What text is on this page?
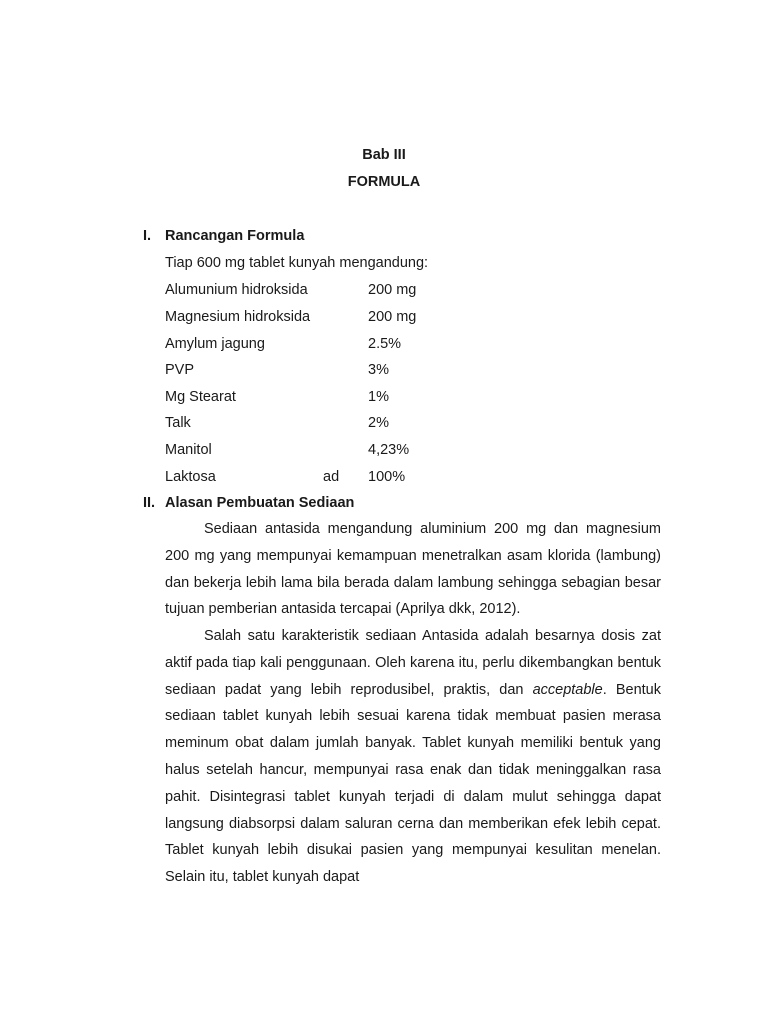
Bab III
FORMULA
I. Rancangan Formula
Tiap 600 mg tablet kunyah mengandung:
Alumunium hidroksida	200 mg
Magnesium hidroksida	200 mg
Amylum jagung	2.5%
PVP	3%
Mg Stearat	1%
Talk	2%
Manitol	4,23%
Laktosa	ad 100%
II. Alasan Pembuatan Sediaan

Sediaan antasida mengandung aluminium 200 mg dan magnesium 200 mg yang mempunyai kemampuan menetralkan asam klorida (lambung) dan bekerja lebih lama bila berada dalam lambung sehingga sebagian besar tujuan pemberian antasida tercapai (Aprilya dkk, 2012).

Salah satu karakteristik sediaan Antasida adalah besarnya dosis zat aktif pada tiap kali penggunaan. Oleh karena itu, perlu dikembangkan bentuk sediaan padat yang lebih reprodusibel, praktis, dan acceptable. Bentuk sediaan tablet kunyah lebih sesuai karena tidak membuat pasien merasa meminum obat dalam jumlah banyak. Tablet kunyah memiliki bentuk yang halus setelah hancur, mempunyai rasa enak dan tidak meninggalkan rasa pahit. Disintegrasi tablet kunyah terjadi di dalam mulut sehingga dapat langsung diabsorpsi dalam saluran cerna dan memberikan efek lebih cepat. Tablet kunyah lebih disukai pasien yang mempunyai kesulitan menelan. Selain itu, tablet kunyah dapat
